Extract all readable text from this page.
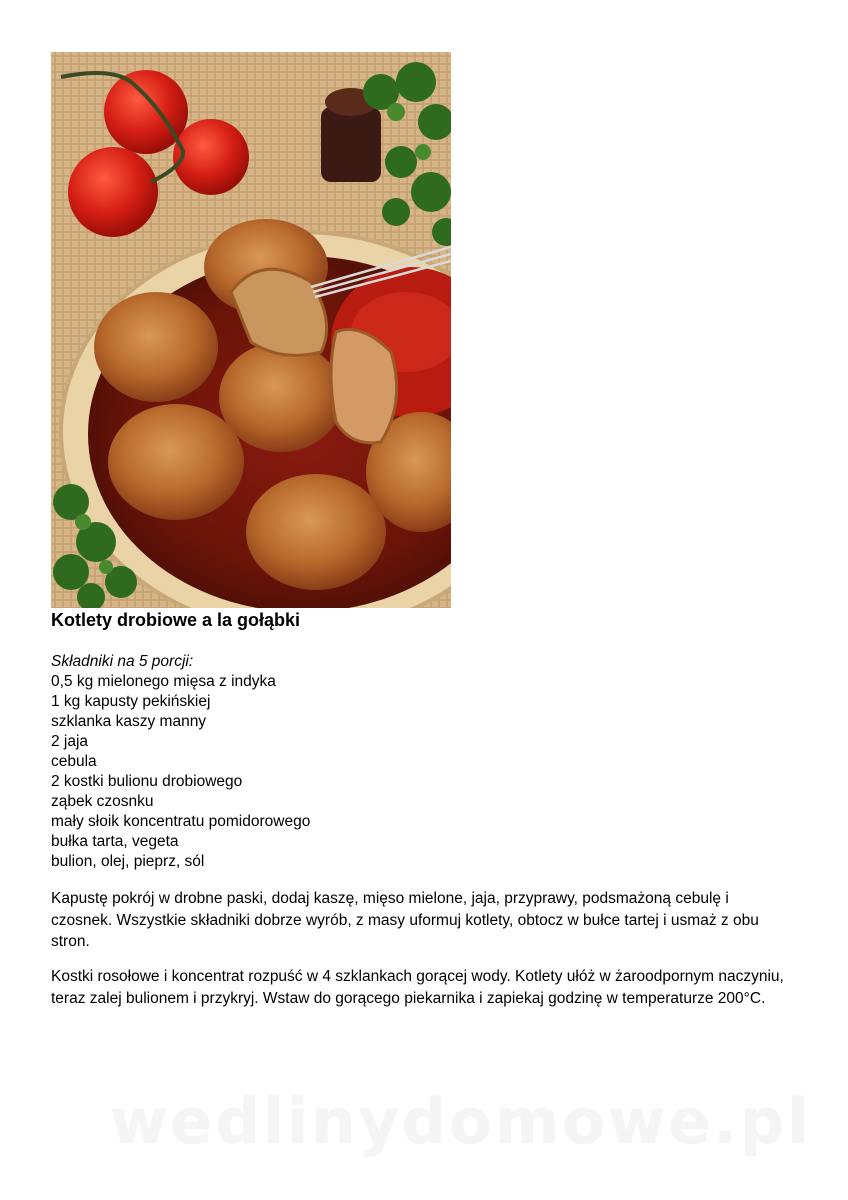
Kotlety drobiowe a la gołąbki
Składniki na 5 porcji:
0,5 kg mielonego mięsa z indyka
1 kg kapusty pekińskiej
szklanka kaszy manny
2 jaja
cebula
2 kostki bulionu drobiowego
ząbek czosnku
mały słoik koncentratu pomidorowego
bułka tarta, vegeta
bulion, olej, pieprz, sól

Kapustę pokrój w drobne paski, dodaj kaszę, mięso mielone, jaja, przyprawy, podsmażoną cebulę i czosnek. Wszystkie składniki dobrze wyrób, z masy uformuj kotlety, obtocz w bułce tartej i usmaż z obu stron.

Kostki rosołowe i koncentrat rozpuść w 4 szklankach gorącej wody. Kotlety ułóż w żaroodpornym naczyniu, teraz zalej bulionem i przykryj. Wstaw do gorącego piekarnika i zapiekaj godzinę w temperaturze 200°C.

wedlinydomowe.pl
